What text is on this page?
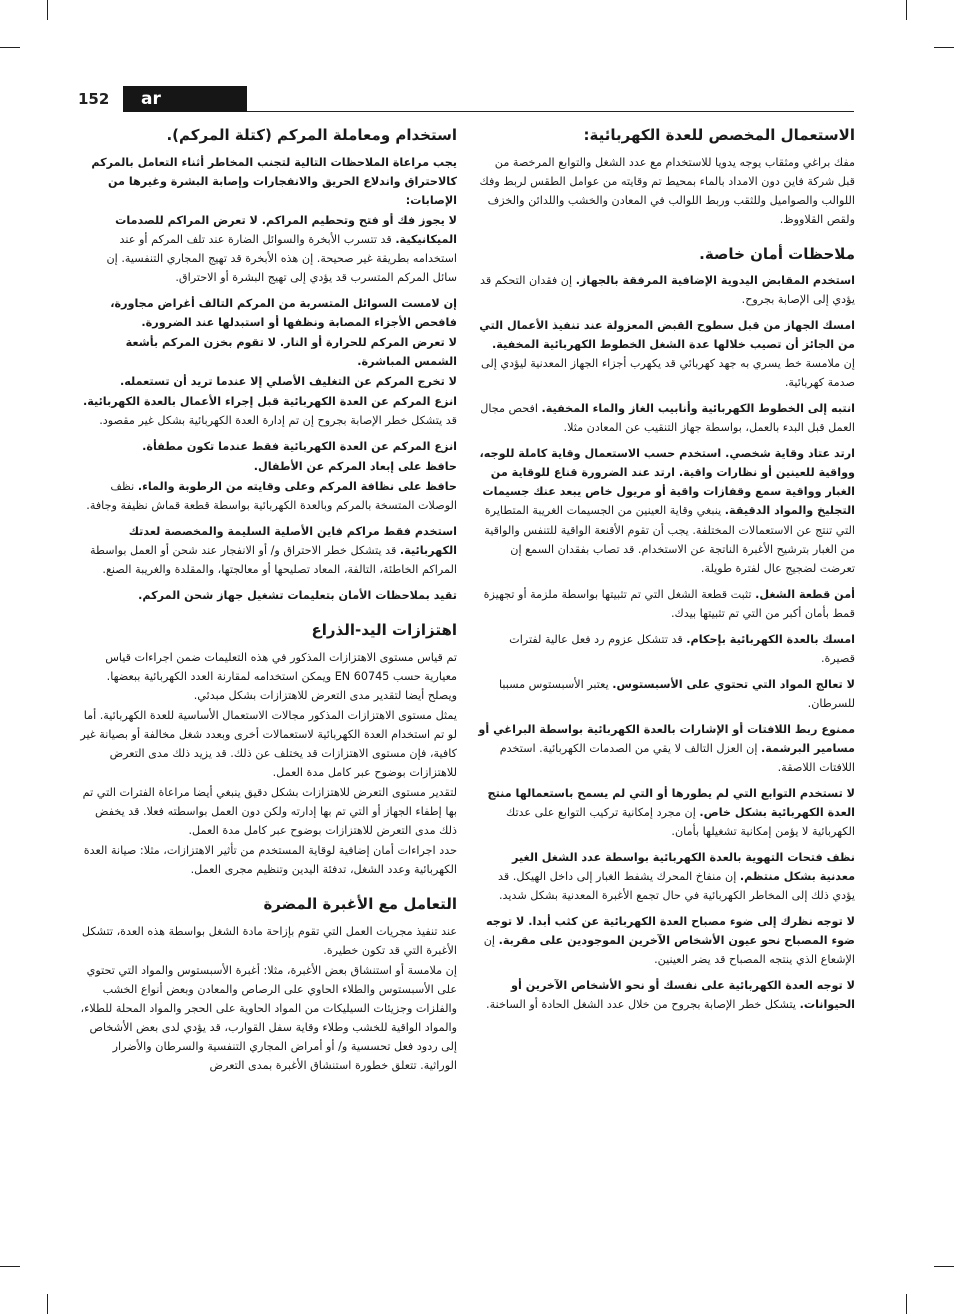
152	ar
الاستعمال المخصص للعدة الكهربائية:

مفك براغي ومثقاب يوجه يدويا للاستخدام مع عدد الشغل والتوابع المرخصة من قبل شركة فاين دون الامداد بالماء بمحيط تم وقايته من عوامل الطقس لربط وفك اللوالب والصواميل وللثقب وربط اللوالب في المعادن والخشب واللدائن والخزف ولقص القلاووظ.

ملاحظات أمان خاصة.

استخدم المقابض اليدوية الإضافية المرفقة بالجهاز. إن فقدان التحكم قد يؤدي إلى الإصابة بجروح.

امسك الجهاز من قبل سطوح القبض المعزولة عند تنفيذ الأعمال التي من الجائز أن تصيب خلالها عدة الشغل الخطوط الكهربائية المخفية. إن ملامسة خط يسري به جهد كهربائي قد يكهرب أجزاء الجهاز المعدنية ليؤدي إلى صدمة كهربائية.

انتبه إلى الخطوط الكهربائية وأنابيب الغاز والماء المخفية. افحص مجال العمل قبل البدء بالعمل، بواسطة جهاز التنقيب عن المعادن مثلا.

ارتد عتاد وقاية شخصي. استخدم حسب الاستعمال وقاية كاملة للوجه، وواقية للعينين أو نظارات واقية. ارتد عند الضرورة قناع للوقاية من الغبار وواقية سمع وقفازات واقية أو مريول خاص يبعد عنك جسيمات التجليخ والمواد الدقيقة. ينبغي وقاية العينين من الجسيمات الغريبة المتطايرة التي تنتج عن الاستعمالات المختلفة. يجب أن تقوم الأقنعة الواقية للتنفس والواقية من الغبار بترشيح الأغبرة الناتجة عن الاستخدام. قد تصاب بفقدان السمع إن تعرضت لضجيج عال لفترة طويلة.

أمن قطعة الشغل. تثبت قطعة الشغل التي تم تثبيتها بواسطة ملزمة أو تجهيزة قمط بأمان أكبر من التي تم تثبيتها بيدك.

امسك بالعدة الكهربائية بإحكام. قد تتشكل عزوم رد فعل عالية لفترات قصيرة.

لا تعالج المواد التي تحتوي على الأسبستوس. يعتبر الأسبستوس مسببا للسرطان.

ممنوع ربط اللافتات أو الإشارات بالعدة الكهربائية بواسطة البراغي أو مسامير البرشمة. إن العزل التالف لا يقي من الصدمات الكهربائية. استخدم اللافتات اللاصقة.

لا تستخدم التوابع التي لم يطورها أو التي لم يسمح باستعمالها منتج العدة الكهربائية بشكل خاص. إن مجرد إمكانية تركيب التوابع على عدتك الكهربائية لا يؤمن إمكانية تشغيلها بأمان.

نظف فتحات التهوية بالعدة الكهربائية بواسطة عدد الشغل الغير معدنية بشكل منتظم. إن منفاخ المحرك يشفط الغبار إلى داخل الهيكل. قد يؤدي ذلك إلى المخاطر الكهربائية في حال تجمع الأغبرة المعدنية بشكل شديد.

لا توجه نظرك إلى ضوء مصباح العدة الكهربائية عن كثب أبدا. لا توجه ضوء المصباح نحو عيون الأشخاص الآخرين الموجودين على مقربة. إن الإشعاع الذي ينتجه المصباح قد يضر العينين.

لا توجه العدة الكهربائية على نفسك أو نحو الأشخاص الآخرين أو الحيوانات. يتشكل خطر الإصابة بجروح من خلال عدد الشغل الحادة أو الساخنة.

استخدام ومعاملة المركم (كتلة المركم).

يجب مراعاة الملاحظات التالية لتجنب المخاطر أثناء التعامل بالمركم كالاحتراق واندلاع الحريق والانفجارات وإصابة البشرة وغيرها من الإصابات:

لا يجوز فك أو فتح وتحطيم المراكم. لا تعرض المراكم للصدمات الميكانيكية. قد تتسرب الأبخرة والسوائل الضارة عند تلف المركم أو عند استخدامه بطريقة غير صحيحة. إن هذه الأبخرة قد تهيج المجاري التنفسية. إن سائل المركم المتسرب قد يؤدي إلى تهيج البشرة أو الاحتراق.

إن لامست السوائل المتسربة من المركم التالف أغراض مجاورة، فافحص الأجزاء المصابة ونظفها أو استبدلها عند الضرورة.

لا تعرض المركم للحرارة أو النار. لا تقوم بخزن المركم بأشعة الشمس المباشرة.

لا تخرج المركم عن التغليف الأصلي إلا عندما تريد أن تستعمله.

انزع المركم عن العدة الكهربائية قبل إجراء الأعمال بالعدة الكهربائية. قد يتشكل خطر الإصابة بجروح إن تم إدارة العدة الكهربائية بشكل غير مقصود.

انزع المركم عن العدة الكهربائية فقط عندما تكون مطفأة.

حافظ على إبعاد المركم عن الأطفال.

حافظ على نظافة المركم وعلى وقايته من الرطوبة والماء. نظف الوصلات المتسخة بالمركم وبالعدة الكهربائية بواسطة قطعة قماش نظيفة وجافة.

استخدم فقط مراكم فاين الأصلية السليمة والمخصصة لعدتك الكهربائية. قد يتشكل خطر الاحتراق و/ أو الانفجار عند شحن أو العمل بواسطة المراكم الخاطئة، التالفة، المعاد تصليحها أو معالجتها، والمقلدة والغريبة الصنع.

تقيد بملاحظات الأمان بتعليمات تشغيل جهاز شحن المركم.

اهتزازات اليد-الذراع

تم قياس مستوى الاهتزازات المذكور في هذه التعليمات ضمن اجراءات قياس معيارية حسب EN 60745 ويمكن استخدامه لمقارنة العدد الكهربائية ببعضها. ويصلح أيضا لتقدير مدى التعرض للاهتزازات بشكل مبدئي.

يمثل مستوى الاهتزازات المذكور مجالات الاستعمال الأساسية للعدة الكهربائية. أما لو تم استخدام العدة الكهربائية لاستعمالات أخرى وبعدد شغل مخالفة أو بصيانة غير كافية، فإن مستوى الاهتزازات قد يختلف عن ذلك. قد يزيد ذلك مدى التعرض للاهتزازات بوضوح عبر كامل مدة العمل.

لتقدير مستوى التعرض للاهتزازات بشكل دقيق ينبغي أيضا مراعاة الفترات التي تم بها إطفاء الجهاز أو التي تم بها إدارته ولكن دون العمل بواسطته فعلا. قد يخفض ذلك مدى التعرض للاهتزازات بوضوح عبر كامل مدة العمل.

حدد اجراءات أمان إضافية لوقاية المستخدم من تأثير الاهتزازات، مثلا: صيانة العدة الكهربائية وعدد الشغل، تدفئة اليدين وتنظيم مجرى العمل.

التعامل مع الأغبرة المضرة

عند تنفيذ مجريات العمل التي تقوم بإزاحة مادة الشغل بواسطة هذه العدة، تتشكل الأغبرة التي قد تكون خطيرة.

إن ملامسة أو استنشاق بعض الأغبرة، مثلا: أغبرة الأسبستوس والمواد التي تحتوي على الأسبستوس والطلاء الحاوي على الرصاص والمعادن وبعض أنواع الخشب والفلزات وجزيئات السيليكات من المواد الحاوية على الحجر والمواد المحلة للطلاء، والمواد الواقية للخشب وطلاء وقاية سفل القوارب، قد يؤدي لدى بعض الأشخاص إلى ردود فعل تحسسية و/ أو أمراض المجاري التنفسية والسرطان والأضرار الوراثية. تتعلق خطورة استنشاق الأغبرة بمدى التعرض
